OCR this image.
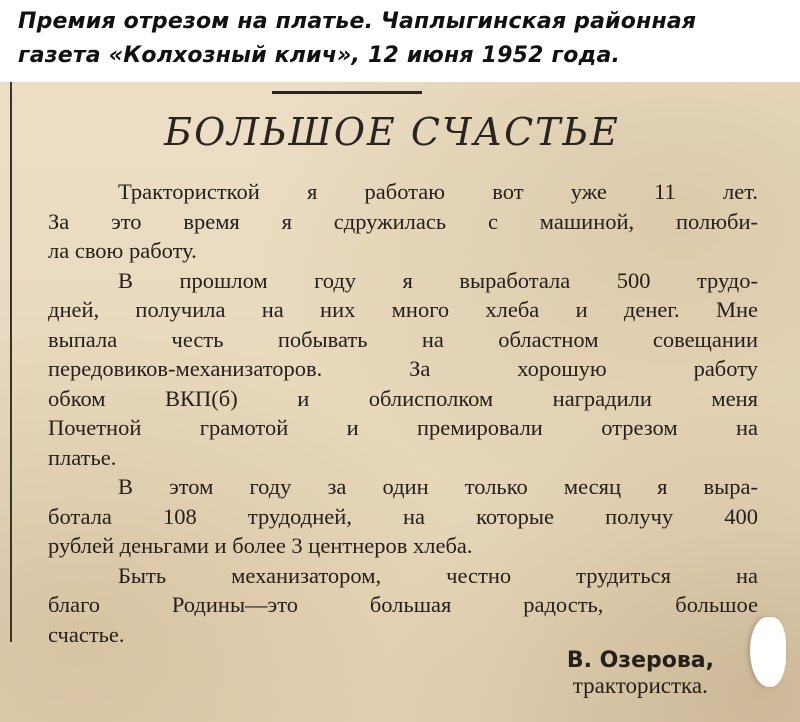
Премия отрезом на платье. Чаплыгинская районная
газета «Колхозный клич», 12 июня 1952 года.
БОЛЬШОЕ СЧАСТЬЕ
Трактористкой я работаю вот уже 11 лет.
За это время я сдружилась с машиной, полюби-
ла свою работу.
В прошлом году я выработала 500 трудо-
дней, получила на них много хлеба и денег. Мне
выпала честь побывать на областном совещании
передовиков-механизаторов. За хорошую работу
обком ВКП(б) и облисполком наградили меня
Почетной грамотой и премировали отрезом на
платье.
В этом году за один только месяц я выра-
ботала 108 трудодней, на которые получу 400
рублей деньгами и более 3 центнеров хлеба.
Быть механизатором, честно трудиться на
благо Родины—это большая радость, большое
счастье.
В. Озерова,
трактористка.
